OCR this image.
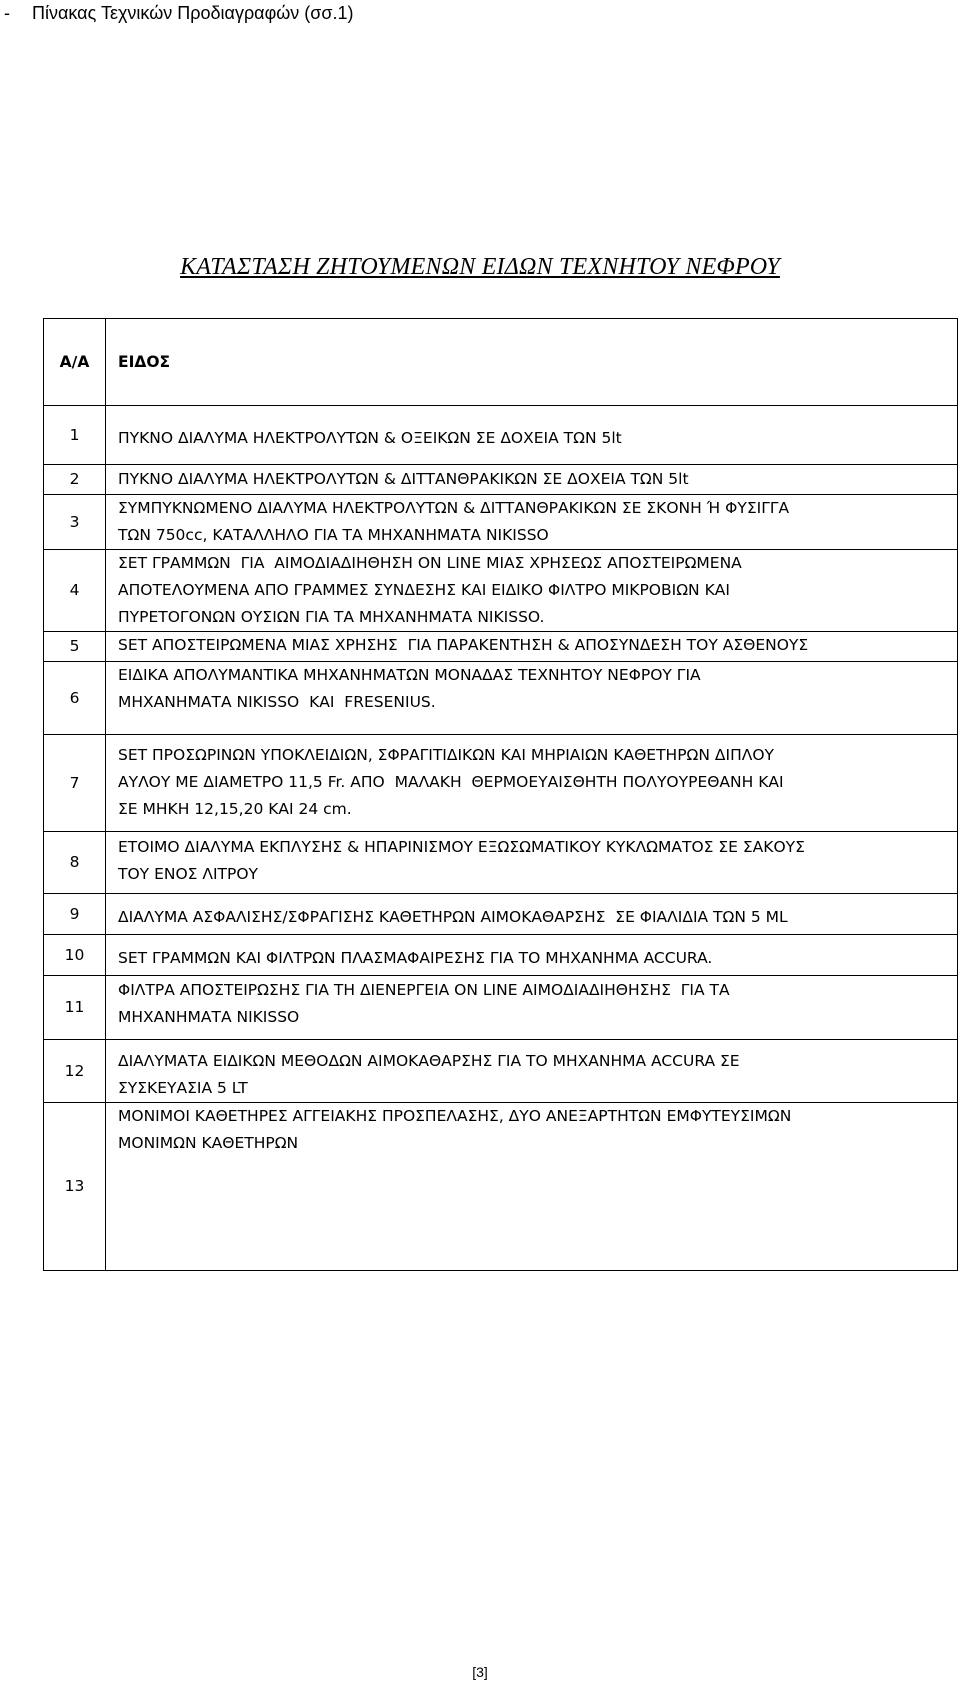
- Πίνακας Τεχνικών Προδιαγραφών (σσ.1)
ΚΑΤΑΣΤΑΣΗ ΖΗΤΟΥΜΕΝΩΝ ΕΙΔΩΝ ΤΕΧΝΗΤΟΥ ΝΕΦΡΟΥ
Α/Α	ΕΙΔΟΣ
1	ΠΥΚΝΟ ΔΙΑΛΥΜΑ ΗΛΕΚΤΡΟΛΥΤΩΝ & ΟΞΕΙΚΩΝ ΣΕ ΔΟΧΕΙΑ ΤΩΝ 5lt

2	ΠΥΚΝΟ ΔΙΑΛΥΜΑ ΗΛΕΚΤΡΟΛΥΤΩΝ & ΔΙΤΤΑΝΘΡΑΚΙΚΩΝ ΣΕ ΔΟΧΕΙΑ ΤΩΝ 5lt

3	ΣΥΜΠΥΚΝΩΜΕΝΟ ΔΙΑΛΥΜΑ ΗΛΕΚΤΡΟΛΥΤΩΝ & ΔΙΤΤΑΝΘΡΑΚΙΚΩΝ ΣΕ ΣΚΟΝΗ Ή ΦΥΣΙΓΓΑ
ΤΩΝ 750cc, ΚΑΤΑΛΛΗΛΟ ΓΙΑ ΤΑ ΜΗΧΑΝΗΜΑΤΑ NIKISSO

4	ΣΕΤ ΓΡΑΜΜΩΝ  ΓΙΑ  ΑΙΜΟΔΙΑΔΙΗΘΗΣΗ ΟΝ LINE ΜΙΑΣ ΧΡΗΣΕΩΣ ΑΠΟΣΤΕΙΡΩΜΕΝΑ
ΑΠΟΤΕΛΟΥΜΕΝΑ ΑΠΟ ΓΡΑΜΜΕΣ ΣΥΝΔΕΣΗΣ ΚΑΙ ΕΙΔΙΚΟ ΦΙΛΤΡΟ ΜΙΚΡΟΒΙΩΝ ΚΑΙ
ΠΥΡΕΤΟΓΟΝΩΝ ΟΥΣΙΩΝ ΓΙΑ ΤΑ ΜΗΧΑΝΗΜΑΤΑ NIKISSO.

5	SET ΑΠΟΣΤΕΙΡΩΜΕΝΑ ΜΙΑΣ ΧΡΗΣΗΣ  ΓΙΑ ΠΑΡΑΚΕΝΤΗΣΗ & ΑΠΟΣΥΝΔΕΣΗ ΤΟΥ ΑΣΘΕΝΟΥΣ

6	ΕΙΔΙΚΑ ΑΠΟΛΥΜΑΝΤΙΚΑ ΜΗΧΑΝΗΜΑΤΩΝ ΜΟΝΑΔΑΣ ΤΕΧΝΗΤΟΥ ΝΕΦΡΟΥ ΓΙΑ
ΜΗΧΑΝΗΜΑΤΑ NIKISSO  ΚΑΙ  FRESENIUS.

7	SET ΠΡΟΣΩΡΙΝΩΝ ΥΠΟΚΛΕΙΔΙΩΝ, ΣΦΡΑΓΙΤΙΔΙΚΩΝ ΚΑΙ ΜΗΡΙΑΙΩΝ ΚΑΘΕΤΗΡΩΝ ΔΙΠΛΟΥ
ΑΥΛΟΥ ΜΕ ΔΙΑΜΕΤΡΟ 11,5 Fr. ΑΠΟ  ΜΑΛΑΚΗ  ΘΕΡΜΟΕΥΑΙΣΘΗΤΗ ΠΟΛΥΟΥΡΕΘΑΝΗ ΚΑΙ
ΣΕ ΜΗΚΗ 12,15,20 ΚΑΙ 24 cm.

8	ΕΤΟΙΜΟ ΔΙΑΛΥΜΑ ΕΚΠΛΥΣΗΣ & ΗΠΑΡΙΝΙΣΜΟΥ ΕΞΩΣΩΜΑΤΙΚΟΥ ΚΥΚΛΩΜΑΤΟΣ ΣΕ ΣΑΚΟΥΣ
ΤΟΥ ΕΝΟΣ ΛΙΤΡΟΥ

9	ΔΙΑΛΥΜΑ ΑΣΦΑΛΙΣΗΣ/ΣΦΡΑΓΙΣΗΣ ΚΑΘΕΤΗΡΩΝ ΑΙΜΟΚΑΘΑΡΣΗΣ  ΣΕ ΦΙΑΛΙΔΙΑ ΤΩΝ 5 ML

10	SET ΓΡΑΜΜΩΝ ΚΑΙ ΦΙΛΤΡΩΝ ΠΛΑΣΜΑΦΑΙΡΕΣΗΣ ΓΙΑ ΤΟ ΜΗΧΑΝΗΜΑ ACCURA.

11	ΦΙΛΤΡΑ ΑΠΟΣΤΕΙΡΩΣΗΣ ΓΙΑ ΤΗ ΔΙΕΝΕΡΓΕΙΑ ΟΝ LINE ΑΙΜΟΔΙΑΔΙΗΘΗΣΗΣ  ΓΙΑ ΤΑ
ΜΗΧΑΝΗΜΑΤΑ NIKISSO

12	ΔΙΑΛΥΜΑΤΑ ΕΙΔΙΚΩΝ ΜΕΘΟΔΩΝ ΑΙΜΟΚΑΘΑΡΣΗΣ ΓΙΑ ΤΟ ΜΗΧΑΝΗΜΑ ACCURA ΣΕ
ΣΥΣΚΕΥΑΣΙΑ 5 LT

13	ΜΟΝΙΜΟΙ ΚΑΘΕΤΗΡΕΣ ΑΓΓΕΙΑΚΗΣ ΠΡΟΣΠΕΛΑΣΗΣ, ΔΥΟ ΑΝΕΞΑΡΤΗΤΩΝ ΕΜΦΥΤΕΥΣΙΜΩΝ
ΜΟΝΙΜΩΝ ΚΑΘΕΤΗΡΩΝ
[3]
